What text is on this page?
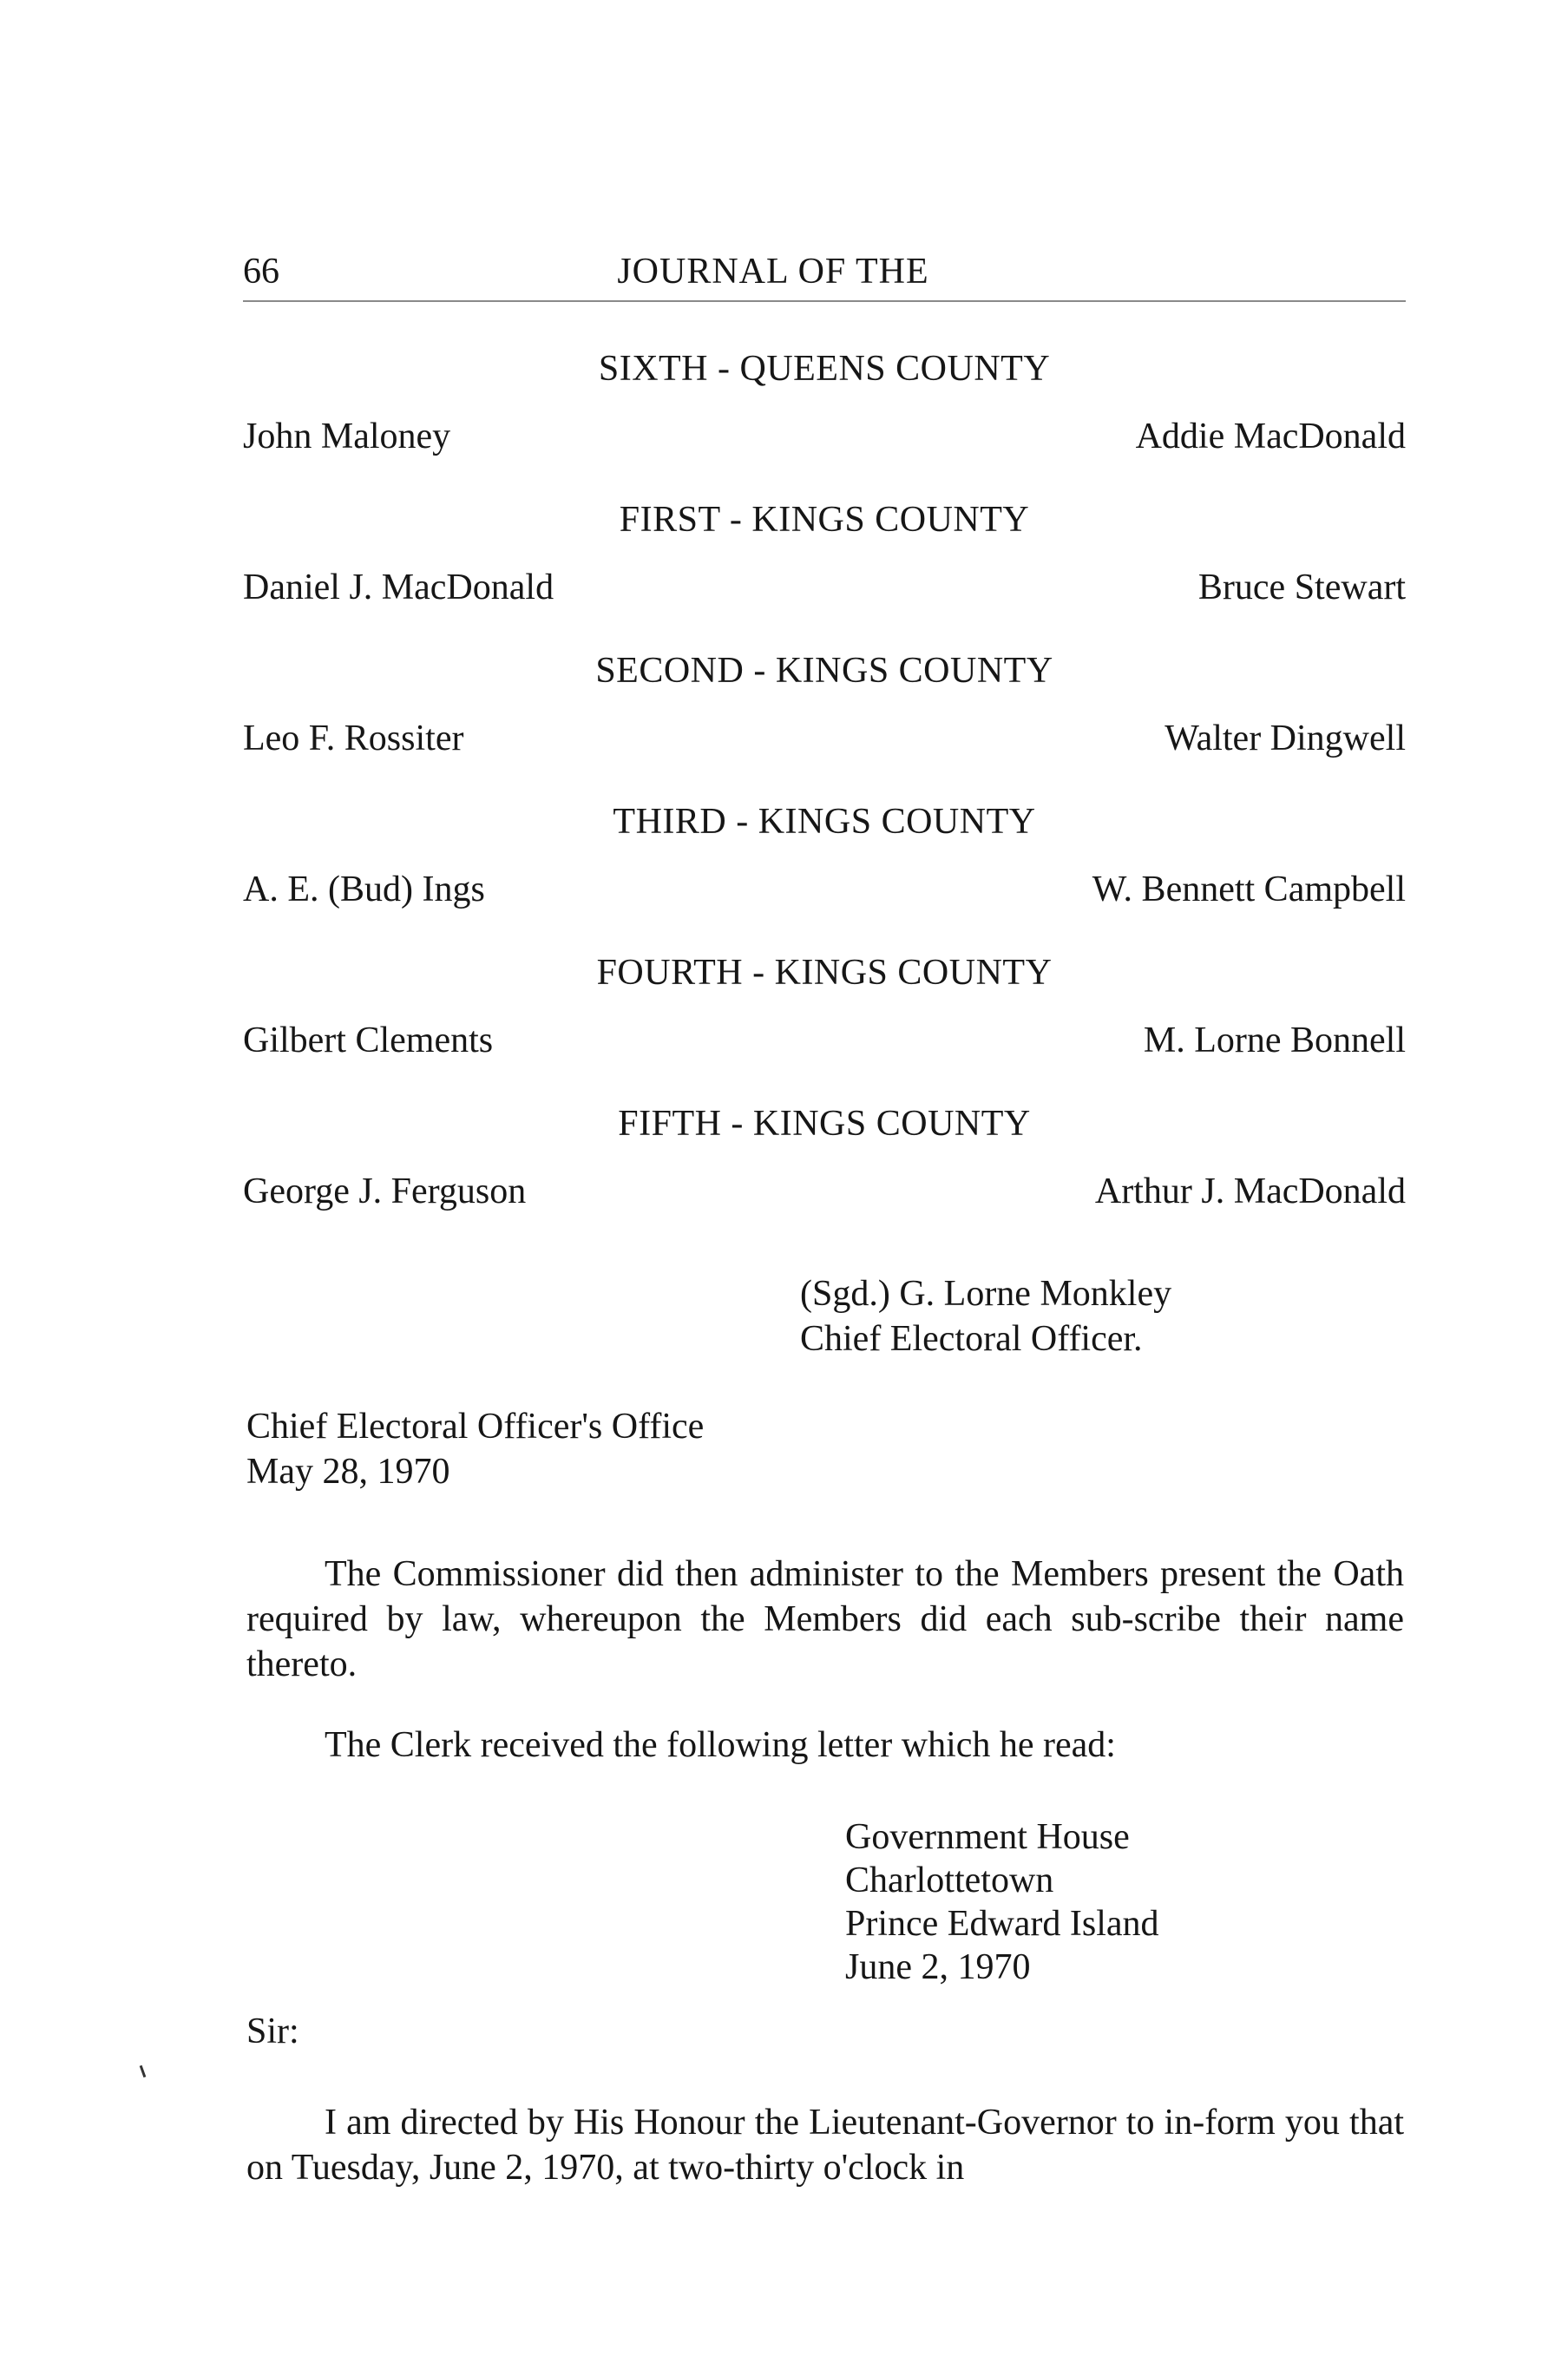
66	JOURNAL OF THE
SIXTH - QUEENS COUNTY
John Maloney	Addie MacDonald
FIRST - KINGS COUNTY
Daniel J. MacDonald	Bruce Stewart
SECOND - KINGS COUNTY
Leo F. Rossiter	Walter Dingwell
THIRD - KINGS COUNTY
A. E. (Bud) Ings	W. Bennett Campbell
FOURTH - KINGS COUNTY
Gilbert Clements	M. Lorne Bonnell
FIFTH - KINGS COUNTY
George J. Ferguson	Arthur J. MacDonald
(Sgd.) G. Lorne Monkley
Chief Electoral Officer.
Chief Electoral Officer's Office
May 28, 1970
The Commissioner did then administer to the Members present the Oath required by law, whereupon the Members did each sub-scribe their name thereto.
The Clerk received the following letter which he read:
Government House
Charlottetown
Prince Edward Island
June 2, 1970
Sir:
I am directed by His Honour the Lieutenant-Governor to in-form you that on Tuesday, June 2, 1970, at two-thirty o'clock in
